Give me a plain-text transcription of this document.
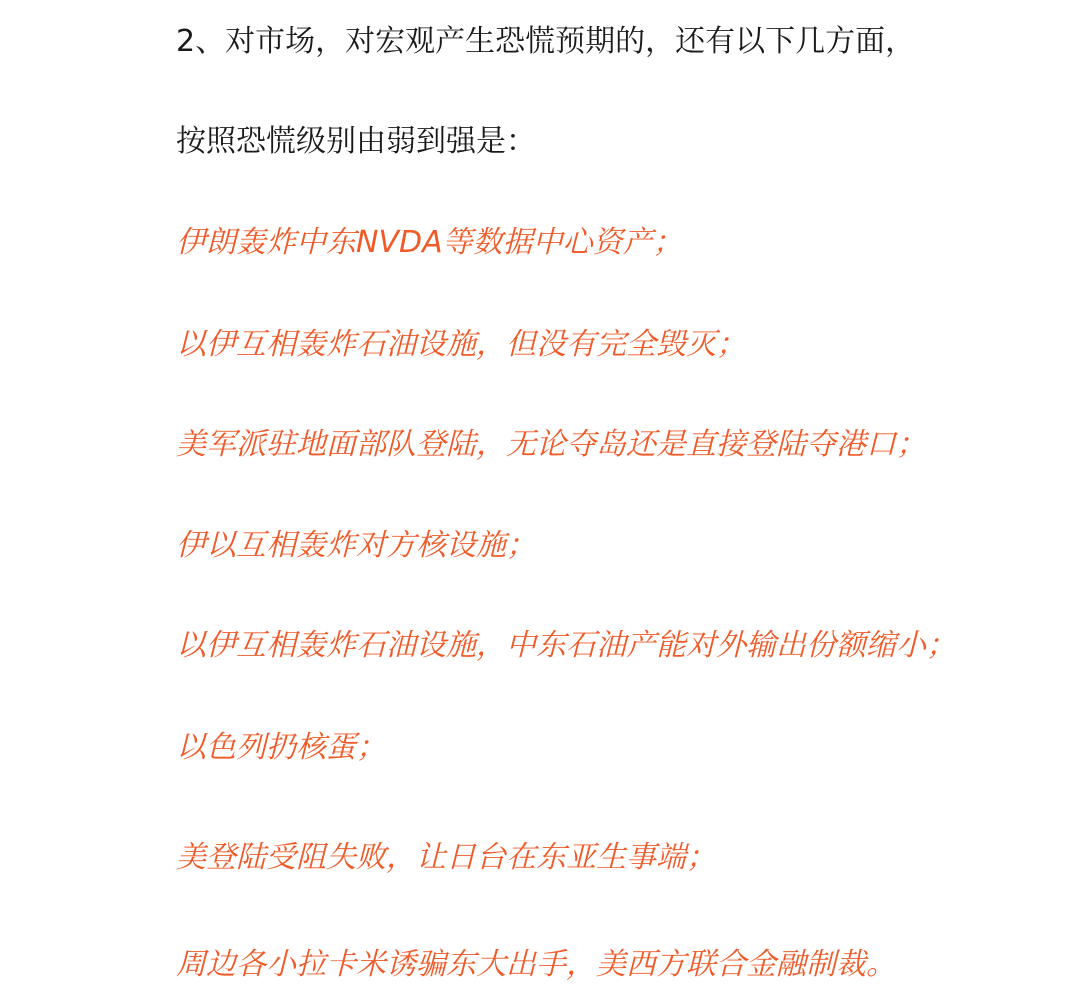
2、对市场，对宏观产生恐慌预期的，还有以下几方面，
按照恐慌级别由弱到强是：
伊朗轰炸中东NVDA等数据中心资产；
以伊互相轰炸石油设施，但没有完全毁灭；
美军派驻地面部队登陆，无论夺岛还是直接登陆夺港口；
伊以互相轰炸对方核设施；
以伊互相轰炸石油设施，中东石油产能对外输出份额缩小；
以色列扔核蛋；
美登陆受阻失败，让日台在东亚生事端；
周边各小拉卡米诱骗东大出手，美西方联合金融制裁。
